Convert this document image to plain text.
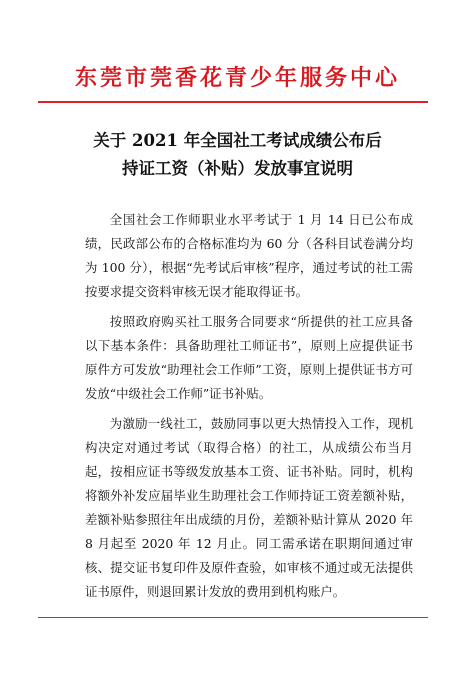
东莞市莞香花青少年服务中心
关于 2021 年全国社工考试成绩公布后
持证工资（补贴）发放事宜说明

全国社会工作师职业水平考试于 1 月 14 日已公布成绩，民政部公布的合格标准均为 60 分（各科目试卷满分均为 100 分），根据“先考试后审核”程序，通过考试的社工需按要求提交资料审核无误才能取得证书。

按照政府购买社工服务合同要求“所提供的社工应具备以下基本条件：具备助理社工师证书”，原则上应提供证书原件方可发放“助理社会工作师”工资，原则上提供证书方可发放“中级社会工作师”证书补贴。

为激励一线社工，鼓励同事以更大热情投入工作，现机构决定对通过考试（取得合格）的社工，从成绩公布当月起，按相应证书等级发放基本工资、证书补贴。同时，机构将额外补发应届毕业生助理社会工作师持证工资差额补贴，差额补贴参照往年出成绩的月份，差额补贴计算从 2020 年 8 月起至 2020 年 12 月止。同工需承诺在职期间通过审核、提交证书复印件及原件查验，如审核不通过或无法提供证书原件，则退回累计发放的费用到机构账户。
